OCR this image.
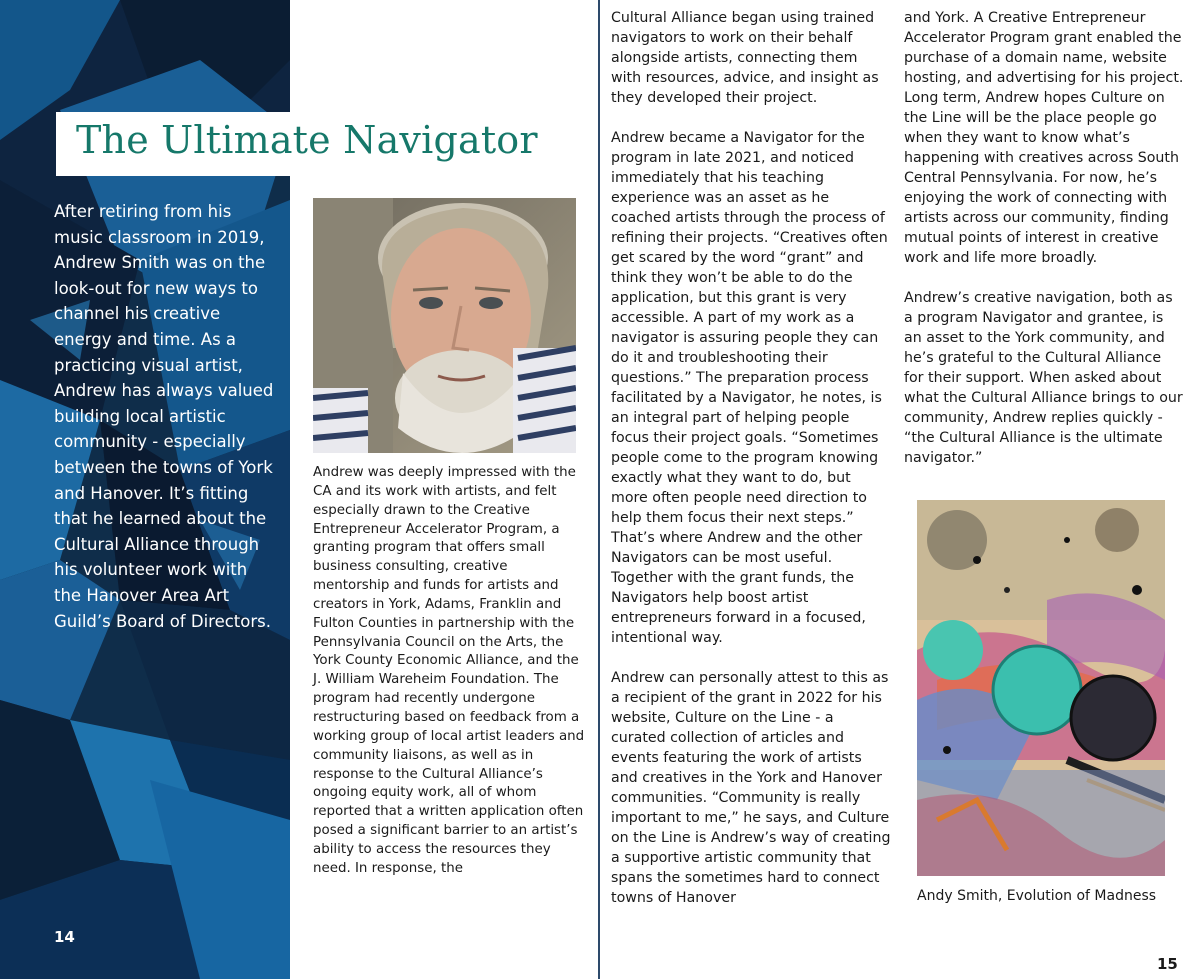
The Ultimate Navigator

After retiring from his music classroom in 2019, Andrew Smith was on the look-out for new ways to channel his creative energy and time. As a practicing visual artist, Andrew has always valued building local artistic community - especially between the towns of York and Hanover. It’s fitting that he learned about the Cultural Alliance through his volunteer work with the Hanover Area Art Guild’s Board of Directors.

Andrew was deeply impressed with the CA and its work with artists, and felt especially drawn to the Creative Entrepreneur Accelerator Program, a granting program that offers small business consulting, creative mentorship and funds for artists and creators in York, Adams, Franklin and Fulton Counties in partnership with the Pennsylvania Council on the Arts, the York County Economic Alliance, and the J. William Wareheim Foundation. The program had recently undergone restructuring based on feedback from a working group of local artist leaders and community liaisons, as well as in response to the Cultural Alliance’s ongoing equity work, all of whom reported that a written application often posed a significant barrier to an artist’s ability to access the resources they need. In response, the

14

Cultural Alliance began using trained navigators to work on their behalf alongside artists, connecting them with resources, advice, and insight as they developed their project.

Andrew became a Navigator for the program in late 2021, and noticed immediately that his teaching experience was an asset as he coached artists through the process of refining their projects. “Creatives often get scared by the word “grant” and think they won’t be able to do the application, but this grant is very accessible. A part of my work as a navigator is assuring people they can do it and troubleshooting their questions.” The preparation process facilitated by a Navigator, he notes, is an integral part of helping people focus their project goals. “Sometimes people come to the program knowing exactly what they want to do, but more often people need direction to help them focus their next steps.” That’s where Andrew and the other Navigators can be most useful. Together with the grant funds, the Navigators help boost artist entrepreneurs forward in a focused, intentional way.

Andrew can personally attest to this as a recipient of the grant in 2022 for his website, Culture on the Line - a curated collection of articles and events featuring the work of artists and creatives in the York and Hanover communities. “Community is really important to me,” he says, and Culture on the Line is Andrew’s way of creating a supportive artistic community that spans the sometimes hard to connect towns of Hanover

and York. A Creative Entrepreneur Accelerator Program grant enabled the purchase of a domain name, website hosting, and advertising for his project. Long term, Andrew hopes Culture on the Line will be the place people go when they want to know what’s happening with creatives across South Central Pennsylvania. For now, he’s enjoying the work of connecting with artists across our community, finding mutual points of interest in creative work and life more broadly.

Andrew’s creative navigation, both as a program Navigator and grantee, is an asset to the York community, and he’s grateful to the Cultural Alliance for their support. When asked about what the Cultural Alliance brings to our community, Andrew replies quickly - “the Cultural Alliance is the ultimate navigator.”

Andy Smith, Evolution of Madness

15
